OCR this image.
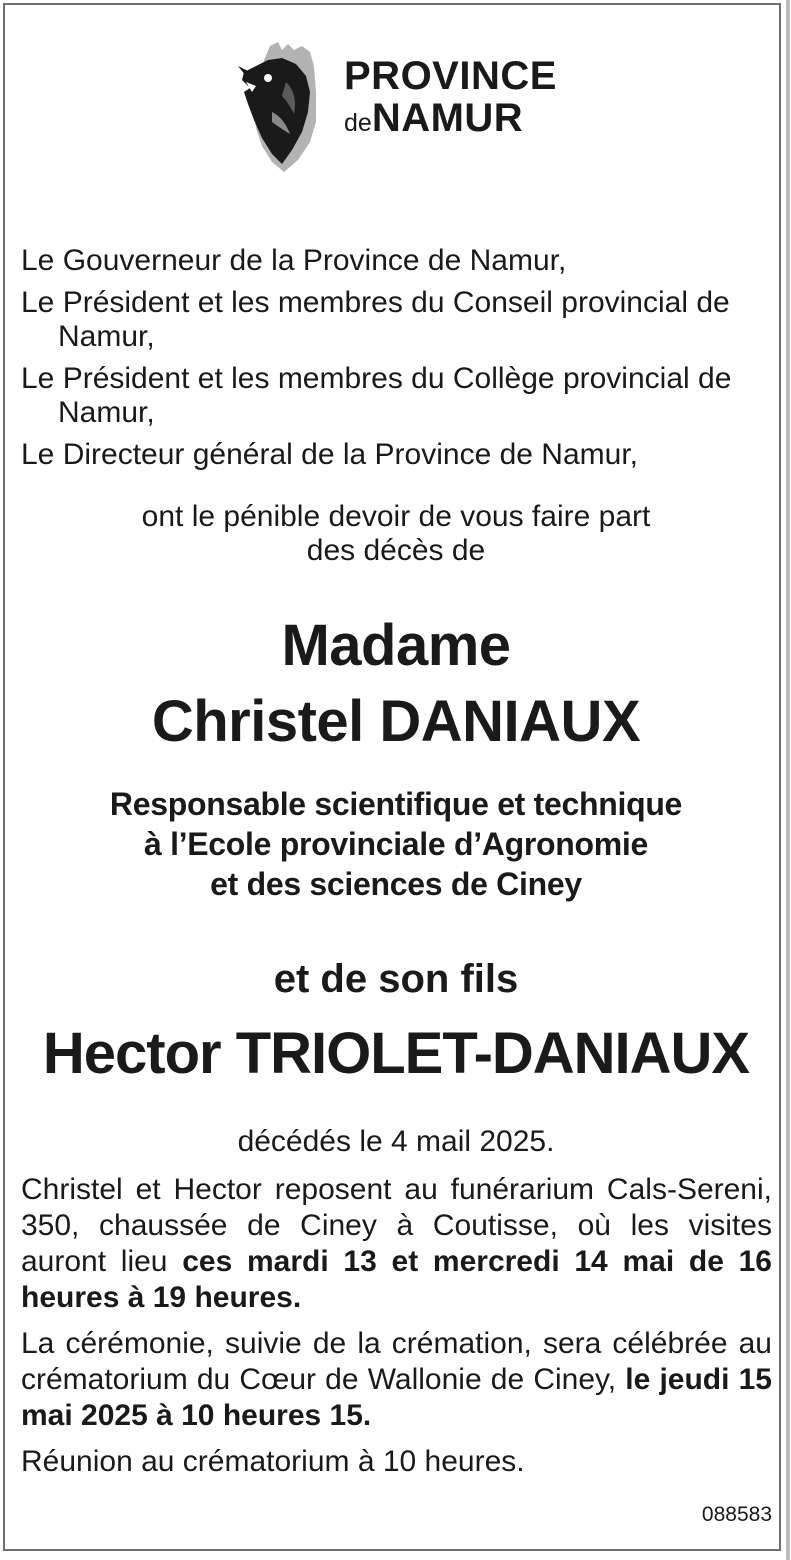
PROVINCE
deNAMUR

Le Gouverneur de la Province de Namur,

Le Président et les membres du Conseil provincial de Namur,

Le Président et les membres du Collège provincial de Namur,

Le Directeur général de la Province de Namur,

ont le pénible devoir de vous faire part
des décès de
Madame
Christel DANIAUX
Responsable scientifique et technique
à l’Ecole provinciale d’Agronomie
et des sciences de Ciney
et de son fils
Hector TRIOLET-DANIAUX
décédés le 4 mail 2025.

Christel et Hector reposent au funérarium Cals-Sereni, 350, chaussée de Ciney à Coutisse, où les visites auront lieu ces mardi 13 et mercredi 14 mai de 16 heures à 19 heures.

La cérémonie, suivie de la crémation, sera célébrée au crématorium du Cœur de Wallonie de Ciney, le jeudi 15 mai 2025 à 10 heures 15.

Réunion au crématorium à 10 heures.

088583
